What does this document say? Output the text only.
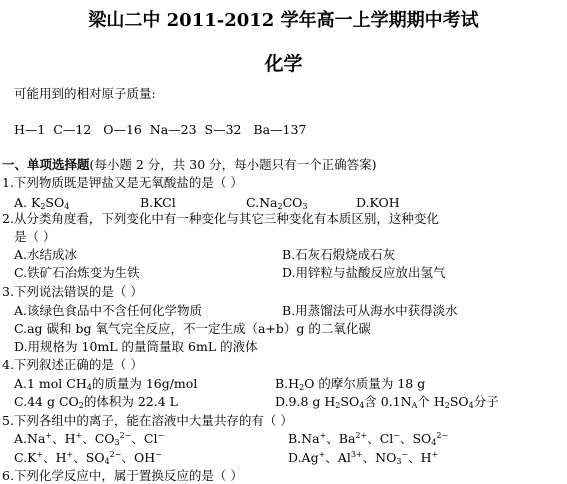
梁山二中 2011-2012 学年高一上学期期中考试
化学
可能用到的相对原子质量:
H—1  C—12   O—16  Na—23  S—32   Ba—137
一、单项选择题(每小题 2 分，共 30 分，每小题只有一个正确答案)
1.下列物质既是钾盐又是无氧酸盐的是（ ）
A. $K_2SO_4$	B.KCl	$C.Na_2CO_3$	D.KOH
2.从分类角度看，下列变化中有一种变化与其它三种变化有本质区别，这种变化
是（ ）
A.水结成冰	B.石灰石煅烧成石灰
C.铁矿石冶炼变为生铁	D.用锌粒与盐酸反应放出氢气
3.下列说法错误的是（ ）
A.该绿色食品中不含任何化学物质	B.用蒸馏法可从海水中获得淡水
C.ag 碳和 bg 氧气完全反应，不一定生成（a+b）g 的二氧化碳
D.用规格为 10mL 的量筒量取 6mL 的液体
4.下列叙述正确的是（ ）
A.1 mol $CH_4$的质量为 16g/mol	$B.H_2O$ 的摩尔质量为 18 g
C.44 g $CO_2$的体积为 22.4 L	D.9.8 g $H_2SO_4$含 $0.1N_A$个 $H_2SO_4$分子
5.下列各组中的离子，能在溶液中大量共存的有（ ）
A.Na+、H+、$CO_3^{2-}$、Cl−	B.Na+、$Ba^{2+}$、Cl−、$SO_4^{2-}$
C.K+、H+、$SO_4^{2-}$、OH−	D.Ag+、$Al^{3+}$、$NO_3^-$、H+
6.下列化学反应中，属于置换反应的是（ ）
